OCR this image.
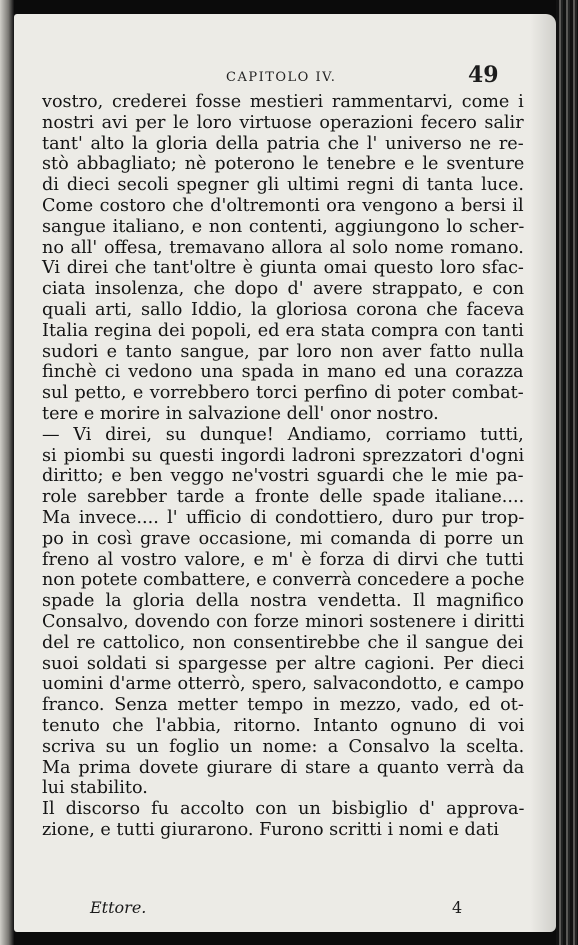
CAPITOLO IV.	49
vostro, crederei fosse mestieri rammentarvi, come i
nostri avi per le loro virtuose operazioni fecero salir
tant' alto la gloria della patria che l' universo ne re-
stò abbagliato; nè poterono le tenebre e le sventure
di dieci secoli spegner gli ultimi regni di tanta luce.
Come costoro che d'oltremonti ora vengono a bersi il
sangue italiano, e non contenti, aggiungono lo scher-
no all' offesa, tremavano allora al solo nome romano.
Vi direi che tant'oltre è giunta omai questo loro sfac-
ciata insolenza, che dopo d' avere strappato, e con
quali arti, sallo Iddio, la gloriosa corona che faceva
Italia regina dei popoli, ed era stata compra con tanti
sudori e tanto sangue, par loro non aver fatto nulla
finchè ci vedono una spada in mano ed una corazza
sul petto, e vorrebbero torci perfino di poter combat-
tere e morire in salvazione dell' onor nostro.
— Vi direi, su dunque! Andiamo, corriamo tutti,
si piombi su questi ingordi ladroni sprezzatori d'ogni
diritto; e ben veggo ne'vostri sguardi che le mie pa-
role sarebber tarde a fronte delle spade italiane....
Ma invece.... l' ufficio di condottiero, duro pur trop-
po in così grave occasione, mi comanda di porre un
freno al vostro valore, e m' è forza di dirvi che tutti
non potete combattere, e converrà concedere a poche
spade la gloria della nostra vendetta. Il magnifico
Consalvo, dovendo con forze minori sostenere i diritti
del re cattolico, non consentirebbe che il sangue dei
suoi soldati si spargesse per altre cagioni. Per dieci
uomini d'arme otterrò, spero, salvacondotto, e campo
franco. Senza metter tempo in mezzo, vado, ed ot-
tenuto che l'abbia, ritorno. Intanto ognuno di voi
scriva su un foglio un nome: a Consalvo la scelta.
Ma prima dovete giurare di stare a quanto verrà da
lui stabilito.
Il discorso fu accolto con un bisbiglio d' approva-
zione, e tutti giurarono. Furono scritti i nomi e dati
Ettore.	4
